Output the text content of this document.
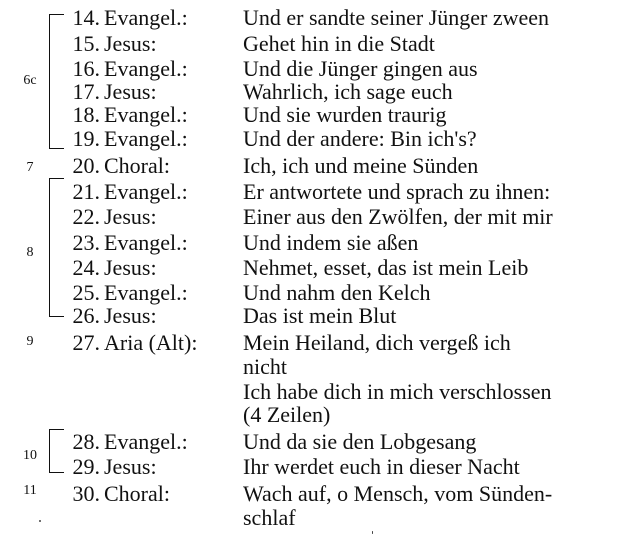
6c
7
8
9
10
11
14. Evangel.:	Und er sandte seiner Jünger zween
15. Jesus:	Gehet hin in die Stadt
16. Evangel.:	Und die Jünger gingen aus
17. Jesus:	Wahrlich, ich sage euch
18. Evangel.:	Und sie wurden traurig
19. Evangel.:	Und der andere: Bin ich's?
20. Choral:	Ich, ich und meine Sünden
21. Evangel.:	Er antwortete und sprach zu ihnen:
22. Jesus:	Einer aus den Zwölfen, der mit mir
23. Evangel.:	Und indem sie aßen
24. Jesus:	Nehmet, esset, das ist mein Leib
25. Evangel.:	Und nahm den Kelch
26. Jesus:	Das ist mein Blut
27. Aria (Alt): Mein Heiland, dich vergeß ich
nicht
Ich habe dich in mich verschlossen
(4 Zeilen)
28. Evangel.:	Und da sie den Lobgesang
29. Jesus:	Ihr werdet euch in dieser Nacht
30. Choral:	Wach auf, o Mensch, vom Sünden-
schlaf
